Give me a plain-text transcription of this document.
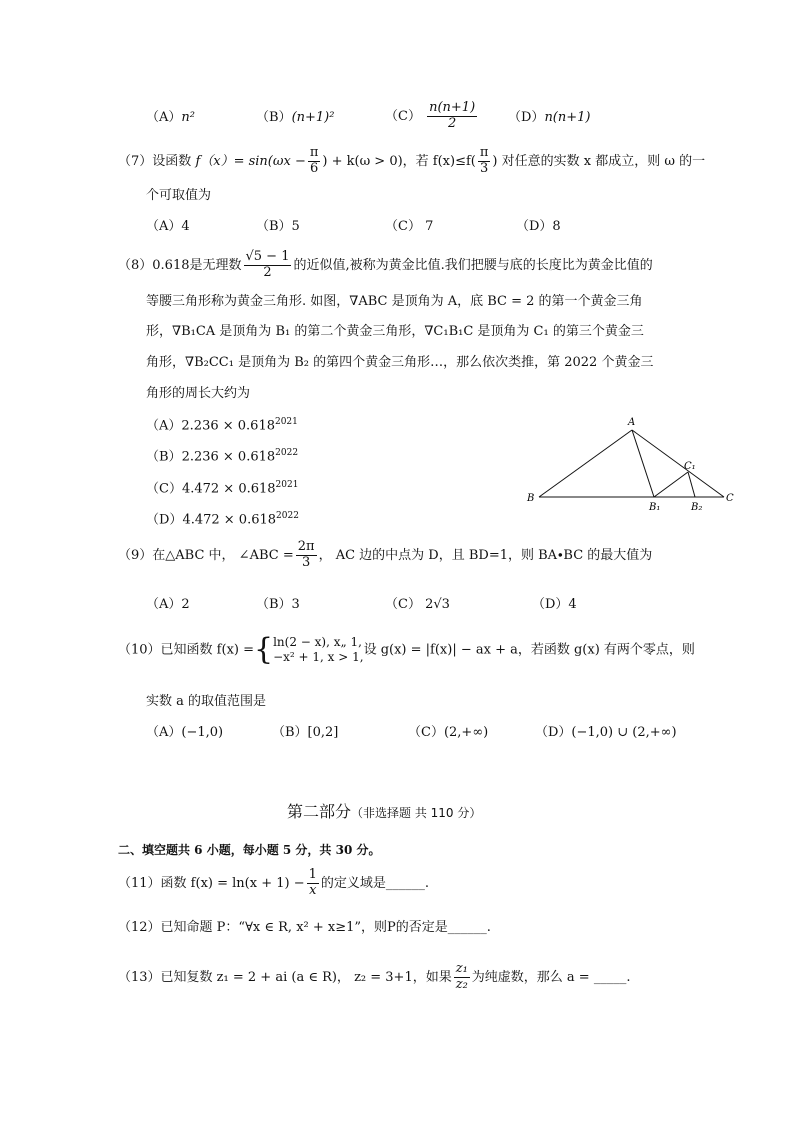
（A）n²	（B）(n+1)²	$(C) \frac{n(n+1)}{2} (D)n(n+1)$
（7）设函数 $f(x)= \sin(\omega x - \frac{\pi}{6}$ ) + k(ω > 0)，若 $f(x)\le f( \frac{\pi}{3}$ ) 对任意的实数 x 都成立，则 ω 的一
个可取值为
（A）4	（B）5	（C） 7	（D）8
（8）0.618是无理数 $\frac{√5 - 1}{2}$ 的近似值,被称为黄金比值.我们把腰与底的长度比为黄金比值的
等腰三角形称为黄金三角形. 如图，∇ABC 是顶角为 A，底 BC = 2 的第一个黄金三角
形，∇B₁CA 是顶角为 B₁ 的第二个黄金三角形，∇C₁B₁C 是顶角为 C₁ 的第三个黄金三
角形，∇B₂CC₁ 是顶角为 B₂ 的第四个黄金三角形…，那么依次类推，第 2022 个黄金三
角形的周长大约为
$(A)2.236 \times 0.618^{2021}$
$(B)2.236 \times 0.618^{2022}$
$(C)4.472 \times 0.618^{2021}$
$(D)4.472 \times 0.618^{2022}$
A
B	C
B₁	B₂
C₁
（9）在△ABC 中， ∠ABC = $\frac{2\pi}{3}$ ， AC 边的中点为 D，且 BD=1，则 BA∙BC 的最大值为
（A）2	（B）3	（C） 2√3	（D）4
（10）已知函数 f(x) ={ ln(2 − x), x„ 1,
−x² + 1, x > 1, 设 g(x) = |f(x)| − ax + a，若函数 g(x) 有两个零点，则
实数 a 的取值范围是
（A）(−1,0)	（B）[0,2]	（C）(2,+∞)	（D）(−1,0) ∪ (2,+∞)
第二部分（非选择题 共 110 分）
二、填空题共 6 小题，每小题 5 分，共 30 分。
（11）函数 $f(x) = \ln(x + 1) - \frac{1}{x}$ 的定义域是______.
（12）已知命题 P：“∀x ∈ R, x² + x≥1”，则P的否定是______.
（13）已知复数 z₁ = 2 + ai (a ∈ R)， z₂ = 3+1，如果 $\frac{\text{z₁}}{\text{z₂}}$ 为纯虚数，那么 a = _____.
